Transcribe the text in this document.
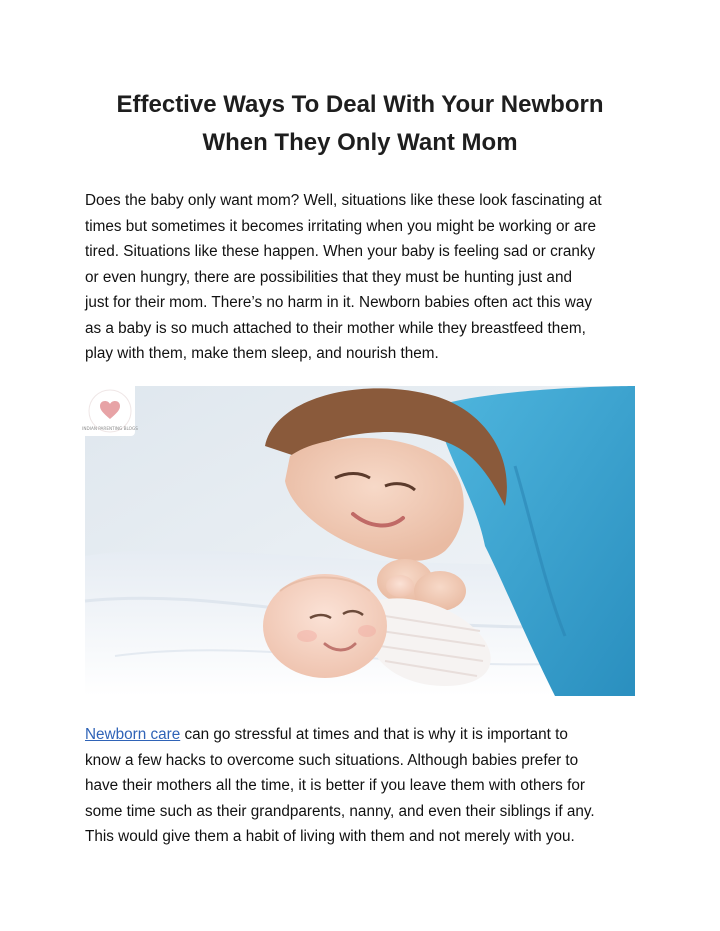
Effective Ways To Deal With Your Newborn
When They Only Want Mom

Does the baby only want mom? Well, situations like these look fascinating at
times but sometimes it becomes irritating when you might be working or are
tired. Situations like these happen. When your baby is feeling sad or cranky
or even hungry, there are possibilities that they must be hunting just and
just for their mom. There’s no harm in it. Newborn babies often act this way
as a baby is so much attached to their mother while they breastfeed them,
play with them, make them sleep, and nourish them.

INDIAN PARENTING BLOGS

Newborn care can go stressful at times and that is why it is important to
know a few hacks to overcome such situations. Although babies prefer to
have their mothers all the time, it is better if you leave them with others for
some time such as their grandparents, nanny, and even their siblings if any.
This would give them a habit of living with them and not merely with you.
